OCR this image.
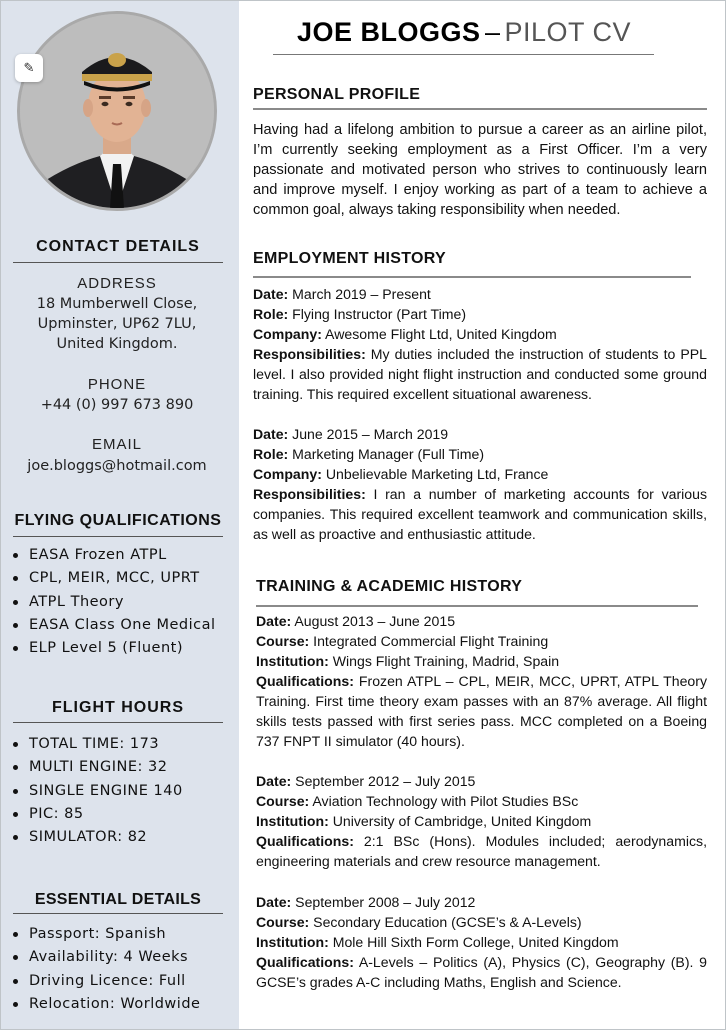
✎
CONTACT DETAILS
ADDRESS
18 Mumberwell Close,
Upminster, UP62 7LU,
United Kingdom.
PHONE
+44 (0) 997 673 890
EMAIL
joe.bloggs@hotmail.com
FLYING QUALIFICATIONS
EASA Frozen ATPL
CPL, MEIR, MCC, UPRT
ATPL Theory
EASA Class One Medical
ELP Level 5 (Fluent)
FLIGHT HOURS
TOTAL TIME: 173
MULTI ENGINE: 32
SINGLE ENGINE 140
PIC: 85
SIMULATOR: 82
ESSENTIAL DETAILS
Passport: Spanish
Availability: 4 Weeks
Driving Licence: Full
Relocation: Worldwide
JOE BLOGGS – PILOT CV
PERSONAL PROFILE
Having had a lifelong ambition to pursue a career as an airline pilot, I’m currently seeking employment as a First Officer. I’m a very passionate and motivated person who strives to continuously learn and improve myself. I enjoy working as part of a team to achieve a common goal, always taking responsibility when needed.
EMPLOYMENT HISTORY

Date: March 2019 – Present

Role: Flying Instructor (Part Time)

Company: Awesome Flight Ltd, United Kingdom

Responsibilities: My duties included the instruction of students to PPL level. I also provided night flight instruction and conducted some ground training. This required excellent situational awareness.

Date: June 2015 – March 2019

Role: Marketing Manager (Full Time)

Company: Unbelievable Marketing Ltd, France

Responsibilities: I ran a number of marketing accounts for various companies. This required excellent teamwork and communication skills, as well as proactive and enthusiastic attitude.

TRAINING & ACADEMIC HISTORY

Date: August 2013 – June 2015

Course: Integrated Commercial Flight Training

Institution: Wings Flight Training, Madrid, Spain

Qualifications: Frozen ATPL – CPL, MEIR, MCC, UPRT, ATPL Theory Training. First time theory exam passes with an 87% average. All flight skills tests passed with first series pass. MCC completed on a Boeing 737 FNPT II simulator (40 hours).

Date: September 2012 – July 2015

Course: Aviation Technology with Pilot Studies BSc

Institution: University of Cambridge, United Kingdom

Qualifications: 2:1 BSc (Hons). Modules included; aerodynamics, engineering materials and crew resource management.

Date: September 2008 – July 2012

Course: Secondary Education (GCSE’s & A-Levels)

Institution: Mole Hill Sixth Form College, United Kingdom

Qualifications: A-Levels – Politics (A), Physics (C), Geography (B). 9 GCSE’s grades A-C including Maths, English and Science.
